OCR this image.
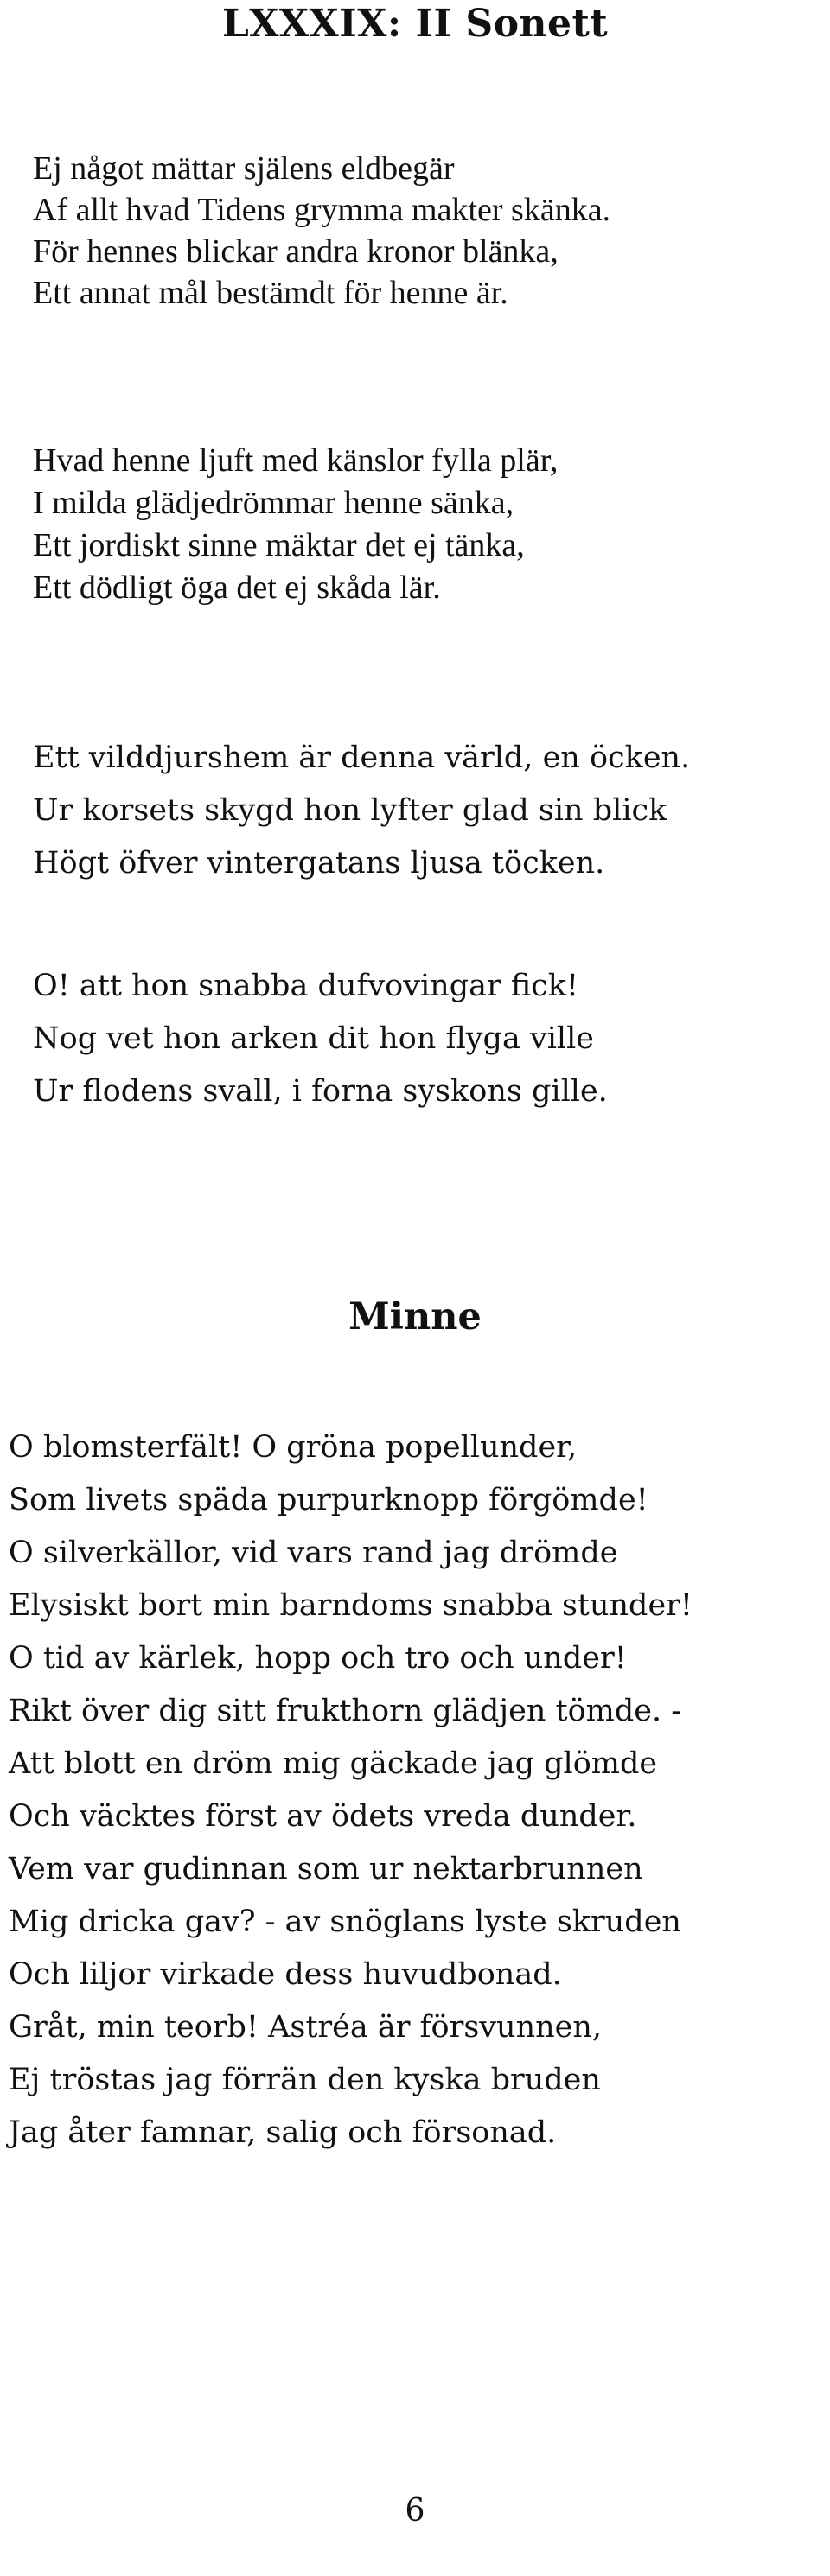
LXXXIX: II Sonett
Ej något mättar själens eldbegär
Af allt hvad Tidens grymma makter skänka.
För hennes blickar andra kronor blänka,
Ett annat mål bestämdt för henne är.
Hvad henne ljuft med känslor fylla plär,
I milda glädjedrömmar henne sänka,
Ett jordiskt sinne mäktar det ej tänka,
Ett dödligt öga det ej skåda lär.
Ett vilddjurshem är denna värld, en öcken.
Ur korsets skygd hon lyfter glad sin blick
Högt öfver vintergatans ljusa töcken.
O! att hon snabba dufvovingar fick!
Nog vet hon arken dit hon flyga ville
Ur flodens svall, i forna syskons gille.
Minne
O blomsterfält! O gröna popellunder,
Som livets späda purpurknopp förgömde!
O silverkällor, vid vars rand jag drömde
Elysiskt bort min barndoms snabba stunder!
O tid av kärlek, hopp och tro och under!
Rikt över dig sitt frukthorn glädjen tömde. -
Att blott en dröm mig gäckade jag glömde
Och väcktes först av ödets vreda dunder.
Vem var gudinnan som ur nektarbrunnen
Mig dricka gav? - av snöglans lyste skruden
Och liljor virkade dess huvudbonad.
Gråt, min teorb! Astréa är försvunnen,
Ej tröstas jag förrän den kyska bruden
Jag åter famnar, salig och försonad.
6
